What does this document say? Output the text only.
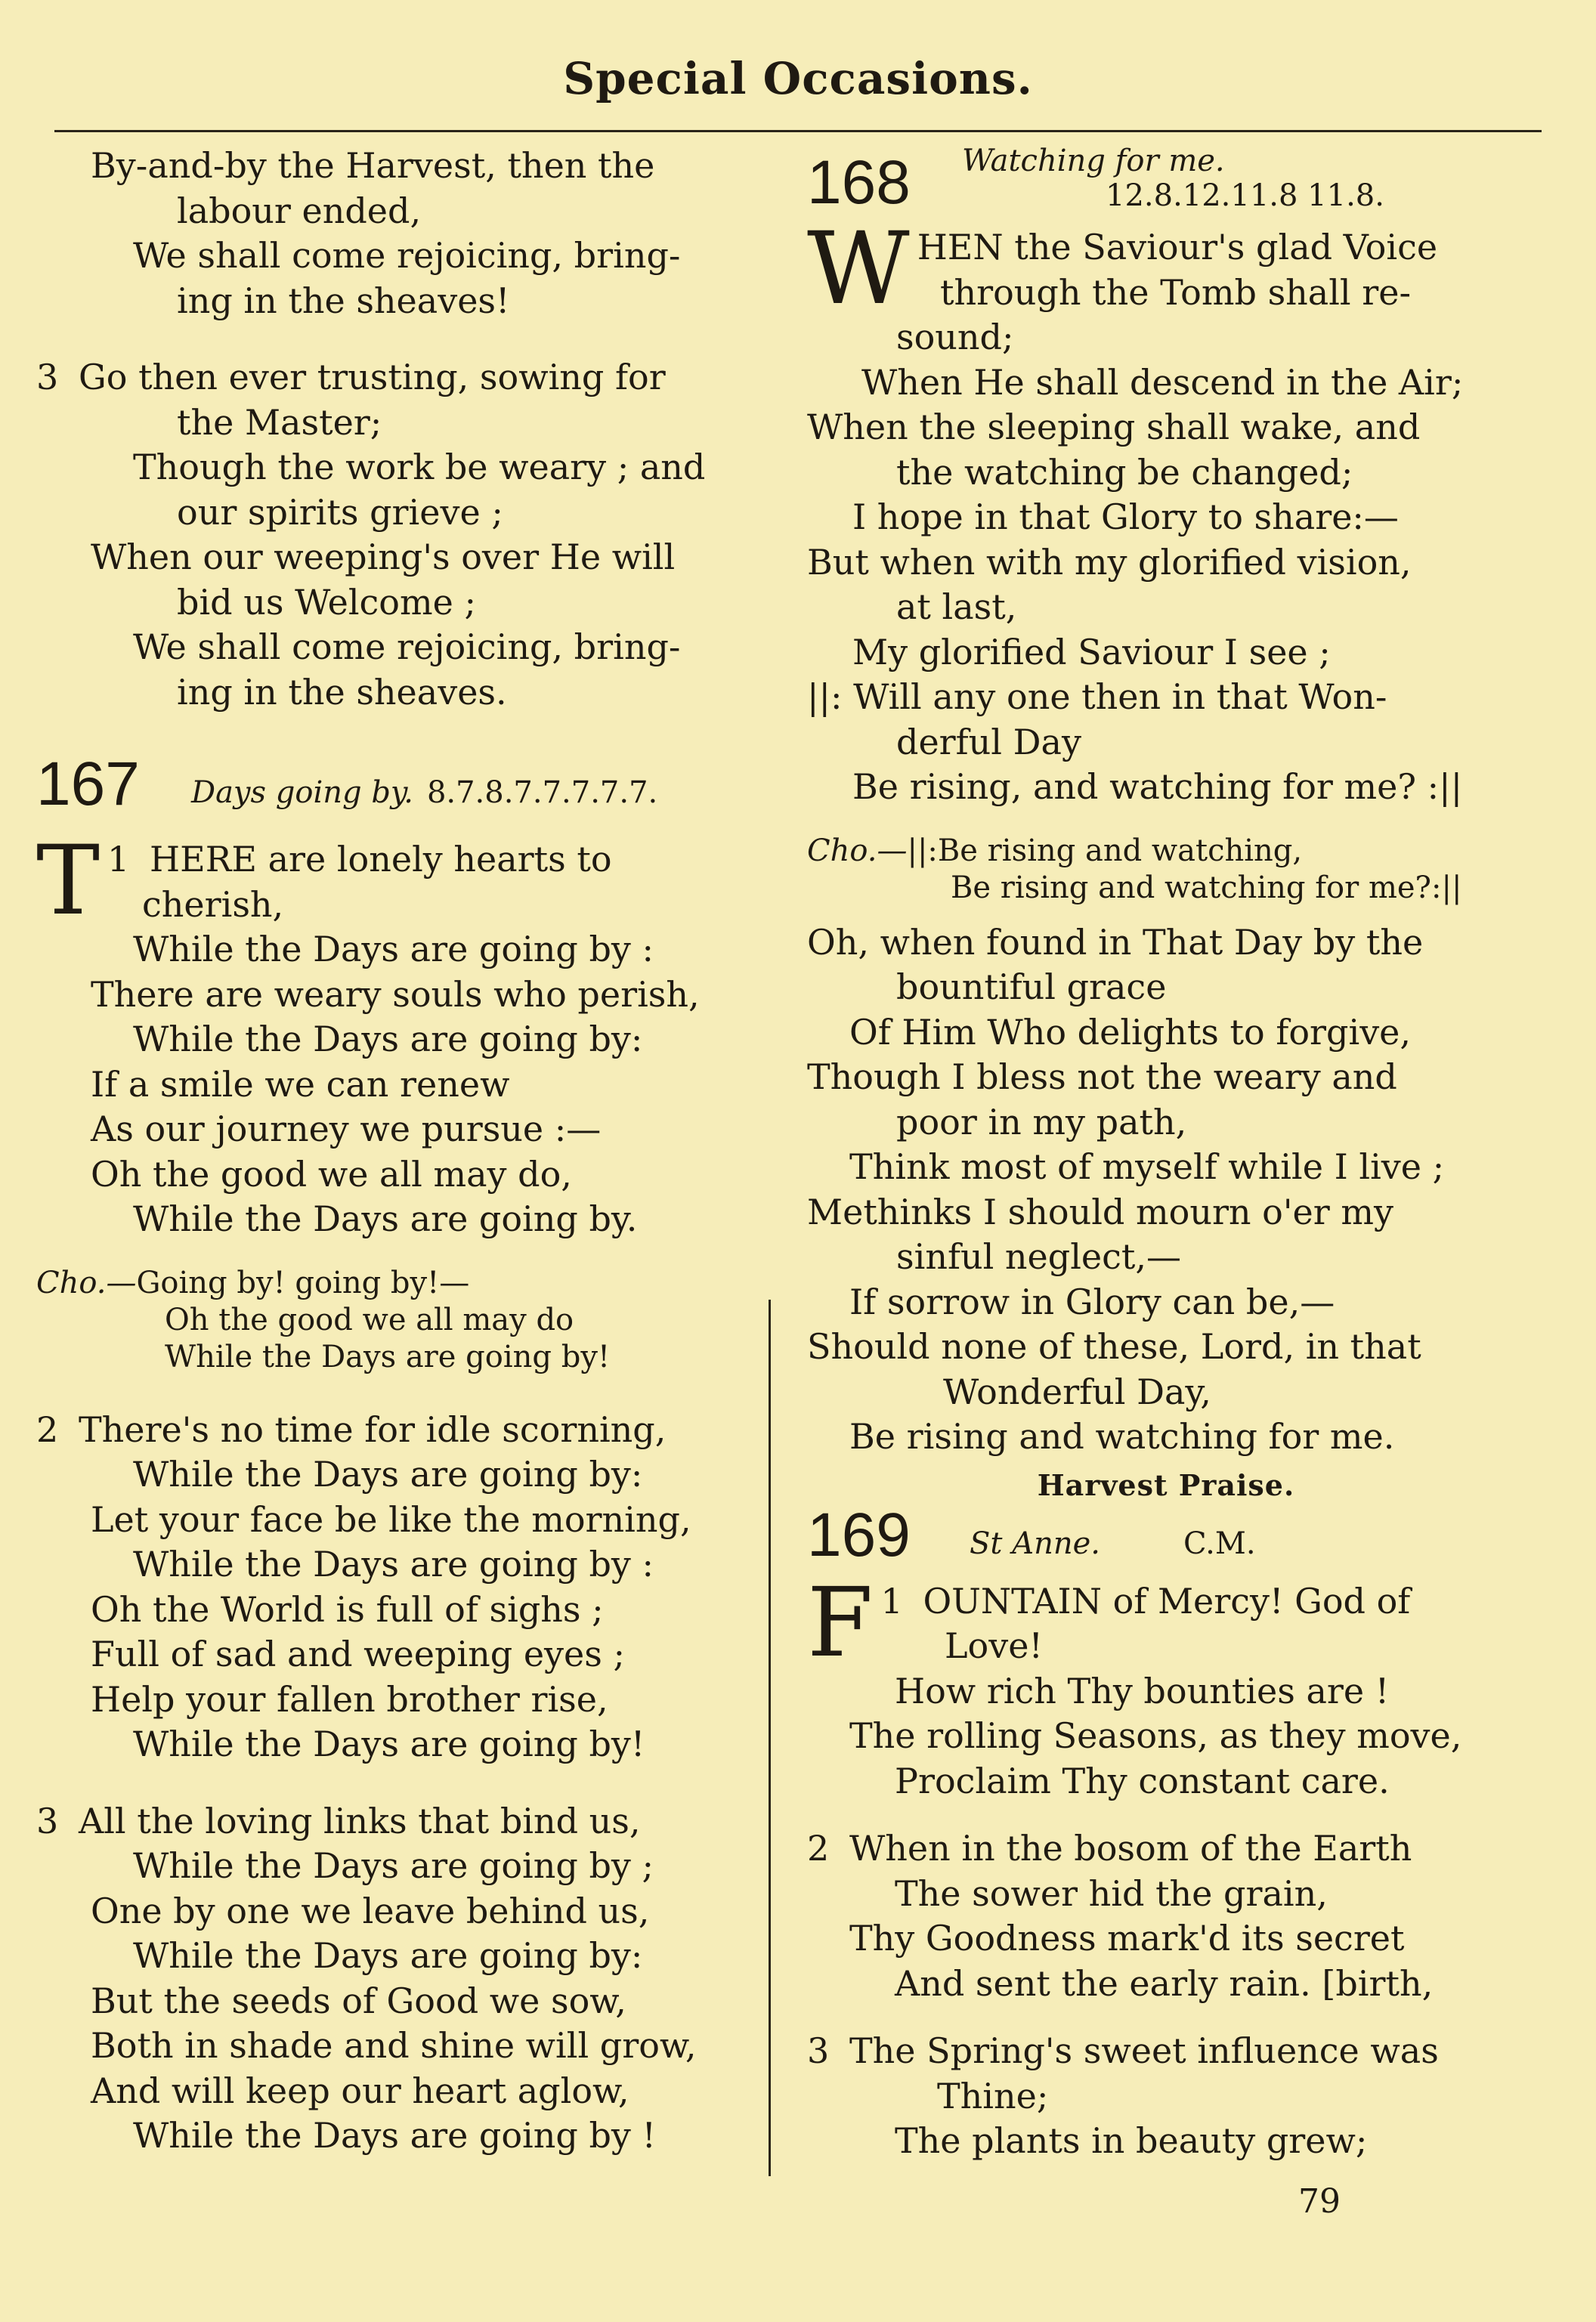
Special Occasions.
By-and-by the Harvest, then the
labour ended,
We shall come rejoicing, bring-
ing in the sheaves!
3 Go then ever trusting, sowing for
the Master;
Though the work be weary ; and
our spirits grieve ;
When our weeping's over He will
bid us Welcome ;
We shall come rejoicing, bring-
ing in the sheaves.
167	Days going by. 8.7.8.7.7.7.7.7.
1
T HERE are lonely hearts to
cherish,
While the Days are going by :
There are weary souls who perish,
While the Days are going by:
If a smile we can renew
As our journey we pursue :—
Oh the good we all may do,
While the Days are going by.
Cho.—Going by! going by!—
Oh the good we all may do
While the Days are going by!
2 There's no time for idle scorning,
While the Days are going by:
Let your face be like the morning,
While the Days are going by :
Oh the World is full of sighs ;
Full of sad and weeping eyes ;
Help your fallen brother rise,
While the Days are going by!
3 All the loving links that bind us,
While the Days are going by ;
One by one we leave behind us,
While the Days are going by:
But the seeds of Good we sow,
Both in shade and shine will grow,
And will keep our heart aglow,
While the Days are going by !
168	Watching for me.
12.8.12.11.8 11.8.
WHEN the Saviour's glad Voice
through the Tomb shall re-
sound;
When He shall descend in the Air;
When the sleeping shall wake, and
the watching be changed;
I hope in that Glory to share:—
But when with my glorified vision,
at last,
My glorified Saviour I see ;
||: Will any one then in that Won-
derful Day
Be rising, and watching for me? :||
Cho.—||:Be rising and watching,
Be rising and watching for me?:||
Oh, when found in That Day by the
bountiful grace
Of Him Who delights to forgive,
Though I bless not the weary and
poor in my path,
Think most of myself while I live ;
Methinks I should mourn o'er my
sinful neglect,—
If sorrow in Glory can be,—
Should none of these, Lord, in that
Wonderful Day,
Be rising and watching for me.
Harvest Praise.
169	St Anne.	C.M.
1
F OUNTAIN of Mercy! God of
Love!
How rich Thy bounties are !
The rolling Seasons, as they move,
Proclaim Thy constant care.
2 When in the bosom of the Earth
The sower hid the grain,
Thy Goodness mark'd its secret
And sent the early rain. [birth,
3 The Spring's sweet influence was
Thine;
The plants in beauty grew;
79
